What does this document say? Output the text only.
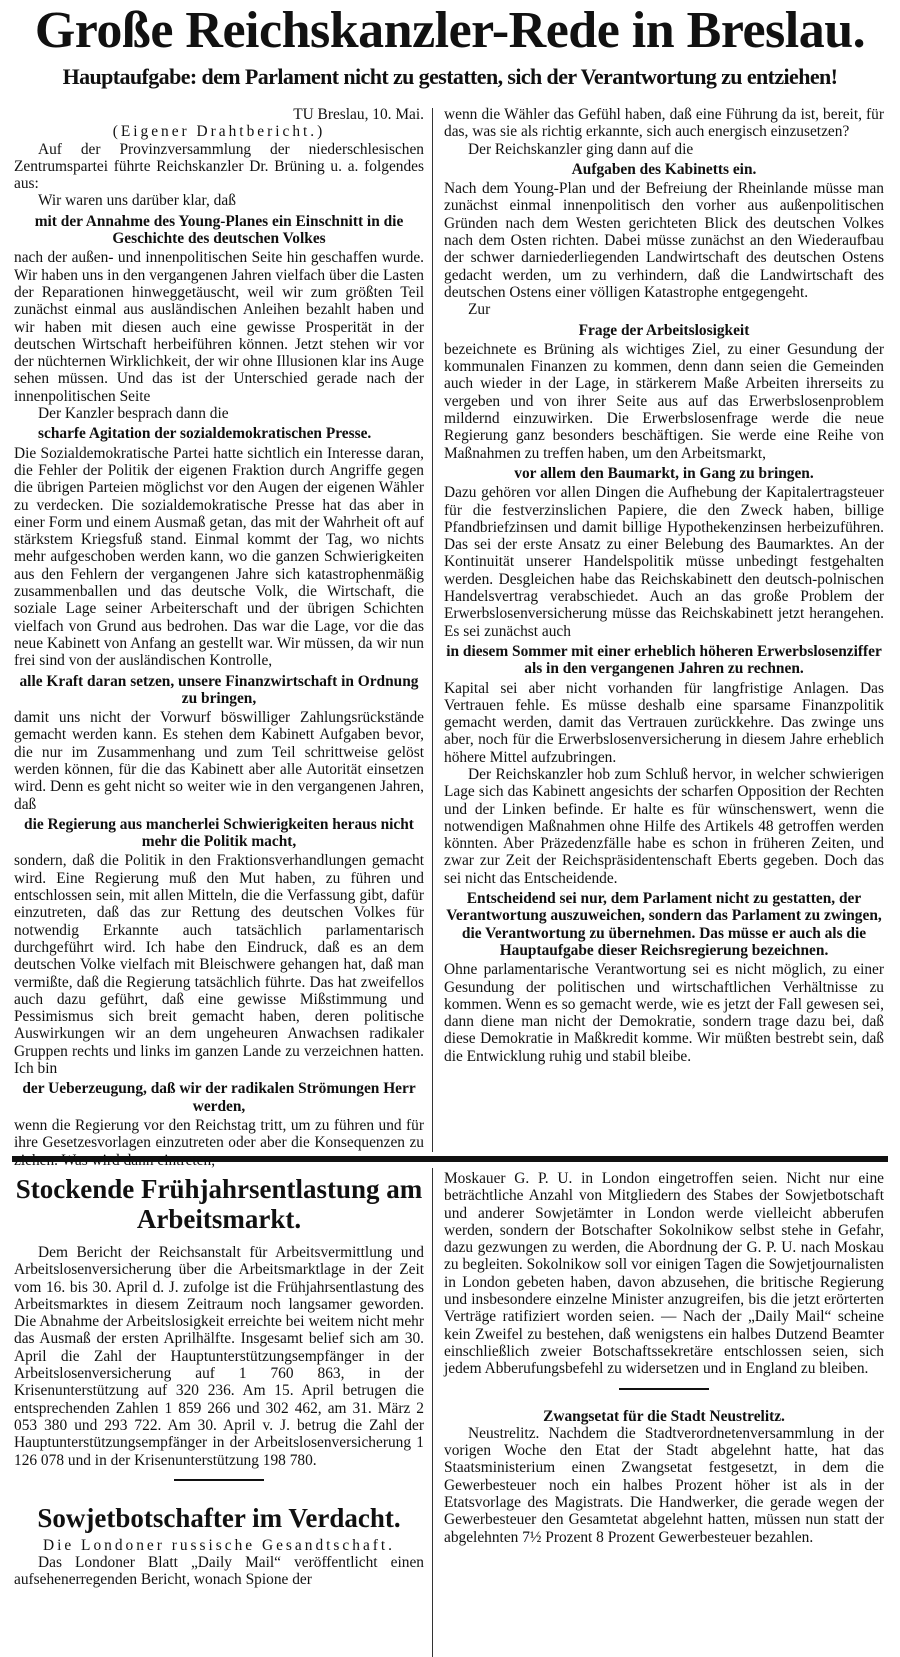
Große Reichskanzler-Rede in Breslau.
Hauptaufgabe: dem Parlament nicht zu gestatten, sich der Verantwortung zu entziehen!
TU Breslau, 10. Mai.
(Eigener Drahtbericht.)
Auf der Provinzversammlung der niederschlesischen Zentrumspartei führte Reichskanzler Dr. Brüning u. a. folgendes aus:
Wir waren uns darüber klar, daß
mit der Annahme des Young-Planes ein Einschnitt in die Geschichte des deutschen Volkes
nach der außen- und innenpolitischen Seite hin geschaffen wurde. Wir haben uns in den vergangenen Jahren vielfach über die Lasten der Reparationen hinweggetäuscht, weil wir zum größten Teil zunächst einmal aus ausländischen Anleihen bezahlt haben und wir haben mit diesen auch eine gewisse Prosperität in der deutschen Wirtschaft herbeiführen können. Jetzt stehen wir vor der nüchternen Wirklichkeit, der wir ohne Illusionen klar ins Auge sehen müssen. Und das ist der Unterschied gerade nach der innenpolitischen Seite
Der Kanzler besprach dann die
scharfe Agitation der sozialdemokratischen Presse.
Die Sozialdemokratische Partei hatte sichtlich ein Interesse daran, die Fehler der Politik der eigenen Fraktion durch Angriffe gegen die übrigen Parteien möglichst vor den Augen der eigenen Wähler zu verdecken. Die sozialdemokratische Presse hat das aber in einer Form und einem Ausmaß getan, das mit der Wahrheit oft auf stärkstem Kriegsfuß stand. Einmal kommt der Tag, wo nichts mehr aufgeschoben werden kann, wo die ganzen Schwierigkeiten aus den Fehlern der vergangenen Jahre sich katastrophenmäßig zusammenballen und das deutsche Volk, die Wirtschaft, die soziale Lage seiner Arbeiterschaft und der übrigen Schichten vielfach von Grund aus bedrohen. Das war die Lage, vor die das neue Kabinett von Anfang an gestellt war. Wir müssen, da wir nun frei sind von der ausländischen Kontrolle,
alle Kraft daran setzen, unsere Finanzwirtschaft in Ordnung zu bringen,
damit uns nicht der Vorwurf böswilliger Zahlungsrückstände gemacht werden kann. Es stehen dem Kabinett Aufgaben bevor, die nur im Zusammenhang und zum Teil schrittweise gelöst werden können, für die das Kabinett aber alle Autorität einsetzen wird. Denn es geht nicht so weiter wie in den vergangenen Jahren, daß
die Regierung aus mancherlei Schwierigkeiten heraus nicht mehr die Politik macht,
sondern, daß die Politik in den Fraktionsverhandlungen gemacht wird. Eine Regierung muß den Mut haben, zu führen und entschlossen sein, mit allen Mitteln, die die Verfassung gibt, dafür einzutreten, daß das zur Rettung des deutschen Volkes für notwendig Erkannte auch tatsächlich parlamentarisch durchgeführt wird. Ich habe den Eindruck, daß es an dem deutschen Volke vielfach mit Bleischwere gehangen hat, daß man vermißte, daß die Regierung tatsächlich führte. Das hat zweifellos auch dazu geführt, daß eine gewisse Mißstimmung und Pessimismus sich breit gemacht haben, deren politische Auswirkungen wir an dem ungeheuren Anwachsen radikaler Gruppen rechts und links im ganzen Lande zu verzeichnen hatten. Ich bin
der Ueberzeugung, daß wir der radikalen Strömungen Herr werden,
wenn die Regierung vor den Reichstag tritt, um zu führen und für ihre Gesetzesvorlagen einzutreten oder aber die Konsequenzen zu ziehen. Was wird dann eintreten,
wenn die Wähler das Gefühl haben, daß eine Führung da ist, bereit, für das, was sie als richtig erkannte, sich auch energisch einzusetzen?
Der Reichskanzler ging dann auf die
Aufgaben des Kabinetts ein.
Nach dem Young-Plan und der Befreiung der Rheinlande müsse man zunächst einmal innenpolitisch den vorher aus außenpolitischen Gründen nach dem Westen gerichteten Blick des deutschen Volkes nach dem Osten richten. Dabei müsse zunächst an den Wiederaufbau der schwer darniederliegenden Landwirtschaft des deutschen Ostens gedacht werden, um zu verhindern, daß die Landwirtschaft des deutschen Ostens einer völligen Katastrophe entgegengeht.
Zur
Frage der Arbeitslosigkeit
bezeichnete es Brüning als wichtiges Ziel, zu einer Gesundung der kommunalen Finanzen zu kommen, denn dann seien die Gemeinden auch wieder in der Lage, in stärkerem Maße Arbeiten ihrerseits zu vergeben und von ihrer Seite aus auf das Erwerbslosenproblem mildernd einzuwirken. Die Erwerbslosenfrage werde die neue Regierung ganz besonders beschäftigen. Sie werde eine Reihe von Maßnahmen zu treffen haben, um den Arbeitsmarkt,
vor allem den Baumarkt, in Gang zu bringen.
Dazu gehören vor allen Dingen die Aufhebung der Kapitalertragsteuer für die festverzinslichen Papiere, die den Zweck haben, billige Pfandbriefzinsen und damit billige Hypothekenzinsen herbeizuführen. Das sei der erste Ansatz zu einer Belebung des Baumarktes. An der Kontinuität unserer Handelspolitik müsse unbedingt festgehalten werden. Desgleichen habe das Reichskabinett den deutsch-polnischen Handelsvertrag verabschiedet. Auch an das große Problem der Erwerbslosenversicherung müsse das Reichskabinett jetzt herangehen. Es sei zunächst auch
in diesem Sommer mit einer erheblich höheren Erwerbslosenziffer als in den vergangenen Jahren zu rechnen.
Kapital sei aber nicht vorhanden für langfristige Anlagen. Das Vertrauen fehle. Es müsse deshalb eine sparsame Finanzpolitik gemacht werden, damit das Vertrauen zurückkehre. Das zwinge uns aber, noch für die Erwerbslosenversicherung in diesem Jahre erheblich höhere Mittel aufzubringen.
Der Reichskanzler hob zum Schluß hervor, in welcher schwierigen Lage sich das Kabinett angesichts der scharfen Opposition der Rechten und der Linken befinde. Er halte es für wünschenswert, wenn die notwendigen Maßnahmen ohne Hilfe des Artikels 48 getroffen werden könnten. Aber Präzedenzfälle habe es schon in früheren Zeiten, und zwar zur Zeit der Reichspräsidentenschaft Eberts gegeben. Doch das sei nicht das Entscheidende.
Entscheidend sei nur, dem Parlament nicht zu gestatten, der Verantwortung auszuweichen, sondern das Parlament zu zwingen, die Verantwortung zu übernehmen. Das müsse er auch als die Hauptaufgabe dieser Reichsregierung bezeichnen.
Ohne parlamentarische Verantwortung sei es nicht möglich, zu einer Gesundung der politischen und wirtschaftlichen Verhältnisse zu kommen. Wenn es so gemacht werde, wie es jetzt der Fall gewesen sei, dann diene man nicht der Demokratie, sondern trage dazu bei, daß diese Demokratie in Maßkredit komme. Wir müßten bestrebt sein, daß die Entwicklung ruhig und stabil bleibe.
Stockende Frühjahrsentlastung am Arbeitsmarkt.
Dem Bericht der Reichsanstalt für Arbeitsvermittlung und Arbeitslosenversicherung über die Arbeitsmarktlage in der Zeit vom 16. bis 30. April d. J. zufolge ist die Frühjahrsentlastung des Arbeitsmarktes in diesem Zeitraum noch langsamer geworden. Die Abnahme der Arbeitslosigkeit erreichte bei weitem nicht mehr das Ausmaß der ersten Aprilhälfte. Insgesamt belief sich am 30. April die Zahl der Hauptunterstützungsempfänger in der Arbeitslosenversicherung auf 1 760 863, in der Krisenunterstützung auf 320 236. Am 15. April betrugen die entsprechenden Zahlen 1 859 266 und 302 462, am 31. März 2 053 380 und 293 722. Am 30. April v. J. betrug die Zahl der Hauptunterstützungsempfänger in der Arbeitslosenversicherung 1 126 078 und in der Krisenunterstützung 198 780.
Sowjetbotschafter im Verdacht.
Die Londoner russische Gesandtschaft.
Das Londoner Blatt „Daily Mail“ veröffentlicht einen aufsehenerregenden Bericht, wonach Spione der
Moskauer G. P. U. in London eingetroffen seien. Nicht nur eine beträchtliche Anzahl von Mitgliedern des Stabes der Sowjetbotschaft und anderer Sowjetämter in London werde vielleicht abberufen werden, sondern der Botschafter Sokolnikow selbst stehe in Gefahr, dazu gezwungen zu werden, die Abordnung der G. P. U. nach Moskau zu begleiten. Sokolnikow soll vor einigen Tagen die Sowjetjournalisten in London gebeten haben, davon abzusehen, die britische Regierung und insbesondere einzelne Minister anzugreifen, bis die jetzt erörterten Verträge ratifiziert worden seien. — Nach der „Daily Mail“ scheine kein Zweifel zu bestehen, daß wenigstens ein halbes Dutzend Beamter einschließlich zweier Botschaftssekretäre entschlossen seien, sich jedem Abberufungsbefehl zu widersetzen und in England zu bleiben.
Zwangsetat für die Stadt Neustrelitz.
Neustrelitz. Nachdem die Stadtverordnetenversammlung in der vorigen Woche den Etat der Stadt abgelehnt hatte, hat das Staatsministerium einen Zwangsetat festgesetzt, in dem die Gewerbesteuer noch ein halbes Prozent höher ist als in der Etatsvorlage des Magistrats. Die Handwerker, die gerade wegen der Gewerbesteuer den Gesamtetat abgelehnt hatten, müssen nun statt der abgelehnten 7½ Prozent 8 Prozent Gewerbesteuer bezahlen.
